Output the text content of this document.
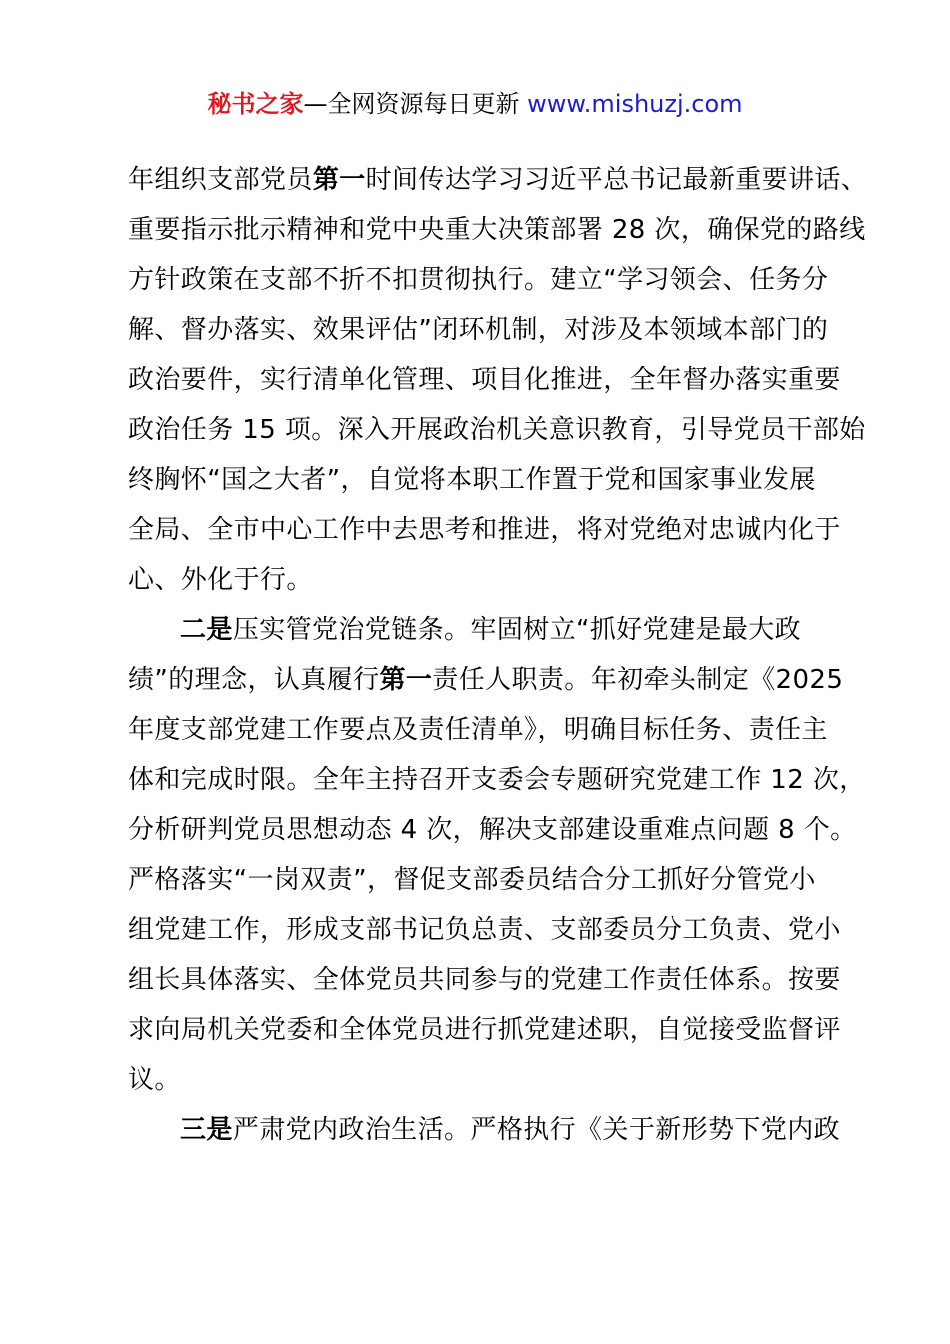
秘书之家—全网资源每日更新 www.mishuzj.com
年组织支部党员第一时间传达学习习近平总书记最新重要讲话、
重要指示批示精神和党中央重大决策部署 28 次，确保党的路线
方针政策在支部不折不扣贯彻执行。建立“学习领会、任务分
解、督办落实、效果评估”闭环机制，对涉及本领域本部门的
政治要件，实行清单化管理、项目化推进，全年督办落实重要
政治任务 15 项。深入开展政治机关意识教育，引导党员干部始
终胸怀“国之大者”，自觉将本职工作置于党和国家事业发展
全局、全市中心工作中去思考和推进，将对党绝对忠诚内化于
心、外化于行。
二是压实管党治党链条。牢固树立“抓好党建是最大政
绩”的理念，认真履行第一责任人职责。年初牵头制定《2025
年度支部党建工作要点及责任清单》，明确目标任务、责任主
体和完成时限。全年主持召开支委会专题研究党建工作 12 次，
分析研判党员思想动态 4 次，解决支部建设重难点问题 8 个。
严格落实“一岗双责”，督促支部委员结合分工抓好分管党小
组党建工作，形成支部书记负总责、支部委员分工负责、党小
组长具体落实、全体党员共同参与的党建工作责任体系。按要
求向局机关党委和全体党员进行抓党建述职，自觉接受监督评
议。
三是严肃党内政治生活。严格执行《关于新形势下党内政
